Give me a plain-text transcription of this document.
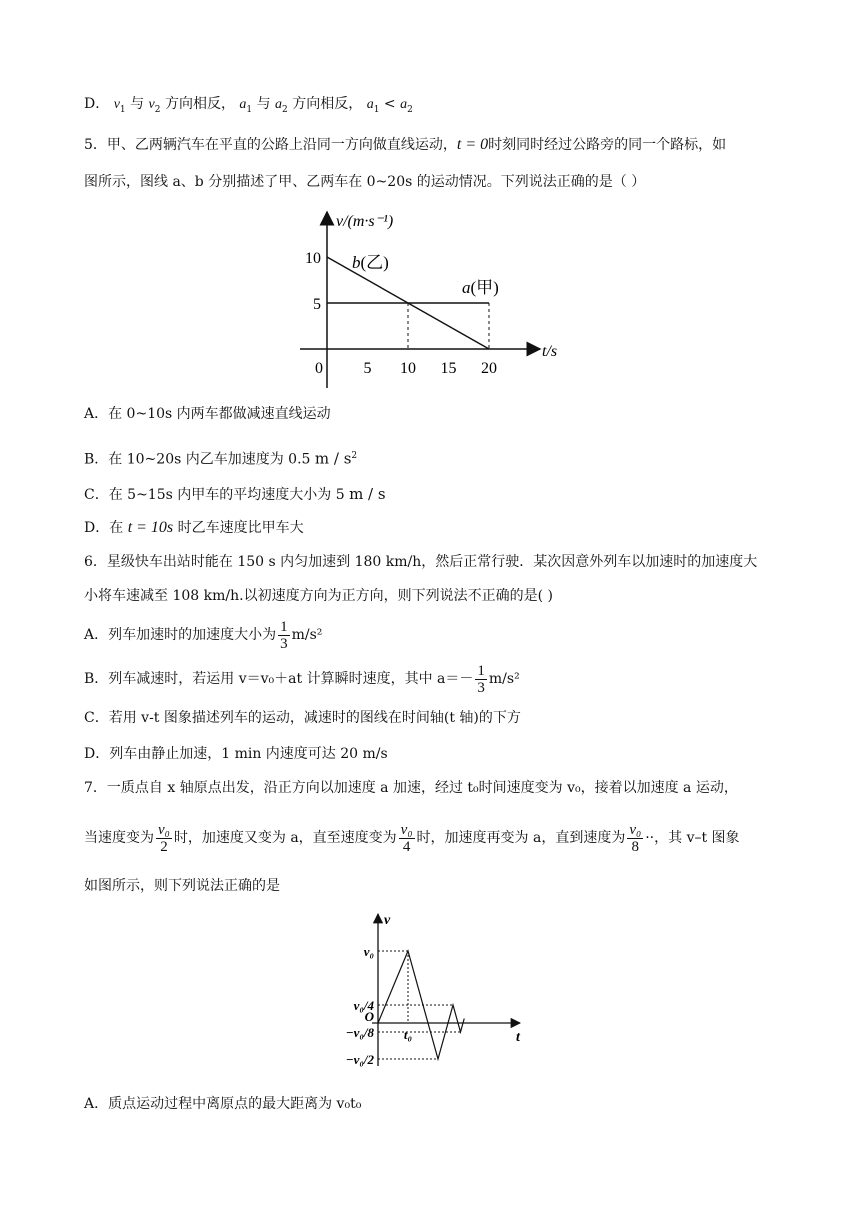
D． $v_1$ 与 $v_2$ 方向相反， $a_1$ 与 $a_2$ 方向相反， $a_1 < a_2$
5．甲、乙两辆汽车在平直的公路上沿同一方向做直线运动，t = 0时刻同时经过公路旁的同一个路标，如
图所示，图线 a、b 分别描述了甲、乙两车在 0~20s 的运动情况。下列说法正确的是（ ）
0	5 10 15 20
10
5
v/(m·s⁻¹)
t/s
b(乙)
a(甲)
A．在 0~10s 内两车都做减速直线运动
B．在 10~20s 内乙车加速度为 0.5 m / $s^2$
C．在 5~15s 内甲车的平均速度大小为 5 m / s
D．在 t = 10s 时乙车速度比甲车大
6．星级快车出站时能在 150 s 内匀加速到 180 km/h，然后正常行驶．某次因意外列车以加速时的加速度大
小将车速减至 108 km/h.以初速度方向为正方向，则下列说法不正确的是( )
A．列车加速时的加速度大小为 $\frac{1}{3} m/s^2$
B．列车减速时，若运用 v＝v₀＋at 计算瞬时速度，其中 $a=- \frac{1}{3} m/s^2$
C．若用 v-t 图象描述列车的运动，减速时的图线在时间轴(t 轴)的下方
D．列车由静止加速，1 min 内速度可达 20 m/s
7．一质点自 x 轴原点出发，沿正方向以加速度 a 加速，经过 t₀时间速度变为 v₀，接着以加速度 a 运动，
当速度变为 $\frac{\text{v₀}}{2}$ 时，加速度又变为 a，直至速度变为 $\frac{\text{v₀}}{4}$ 时，加速度再变为 a，直到速度为 $\frac{\text{v₀}}{8}$ ··，其 v–t 图象
如图所示，则下列说法正确的是
v
t
v₀
v₀/4
O
−v₀/8
−v₀/2
t₀
A．质点运动过程中离原点的最大距离为 v₀t₀
